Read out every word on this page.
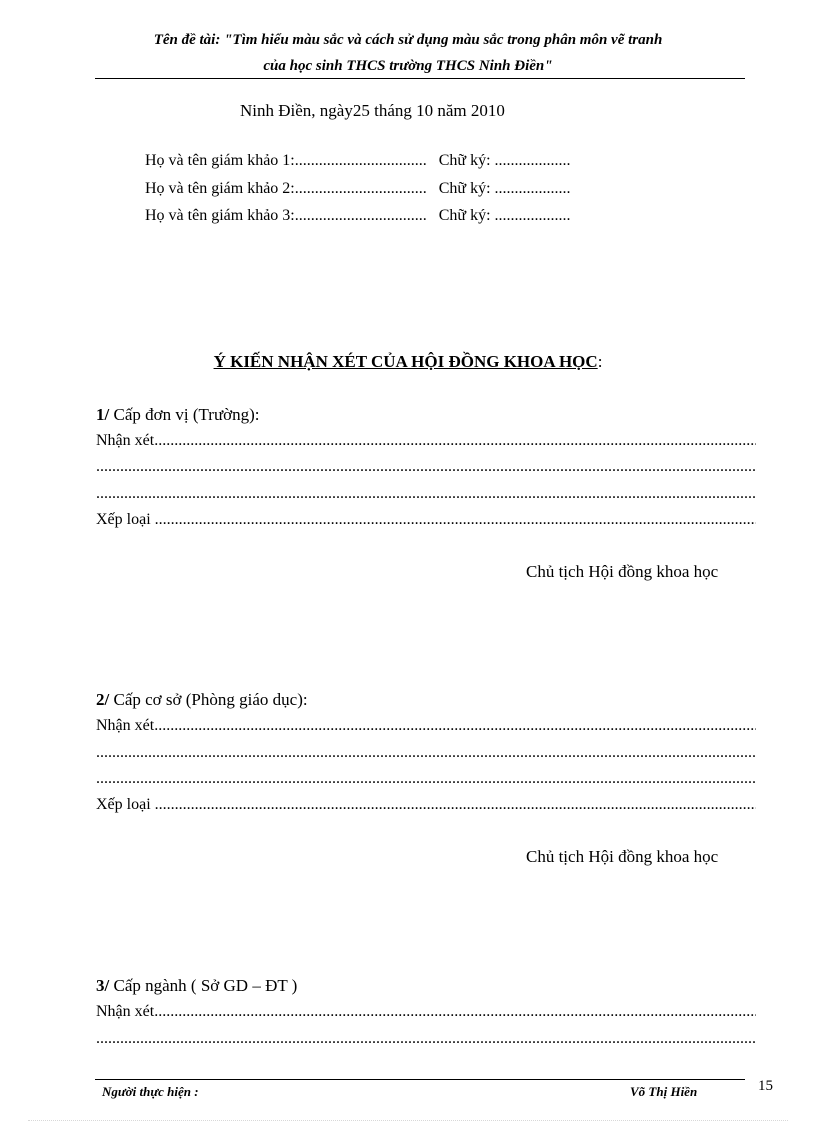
Tên đề tài: "Tìm hiểu màu sắc và cách sử dụng màu sắc trong phân môn vẽ tranh
của học sinh THCS trường THCS Ninh Điền"
Ninh Điền, ngày25 tháng 10 năm 2010
Họ và tên giám khảo 1:................................. Chữ ký: ...................
Họ và tên giám khảo 2:................................. Chữ ký: ...................
Họ và tên giám khảo 3:................................. Chữ ký: ...................
Ý KIẾN NHẬN XÉT CỦA HỘI ĐỒNG KHOA HỌC:
1/ Cấp đơn vị (Trường):
Nhận xét
.....
.....
.....
Xếp loại

.....
Chủ tịch Hội đồng khoa học
2/ Cấp cơ sở (Phòng giáo dục):
Nhận xét
.....
.....
.....
Xếp loại

.....
Chủ tịch Hội đồng khoa học
3/ Cấp ngành ( Sở GD – ĐT )
Nhận xét
.....
.....
Người thực hiện :	Võ Thị Hiền	15
